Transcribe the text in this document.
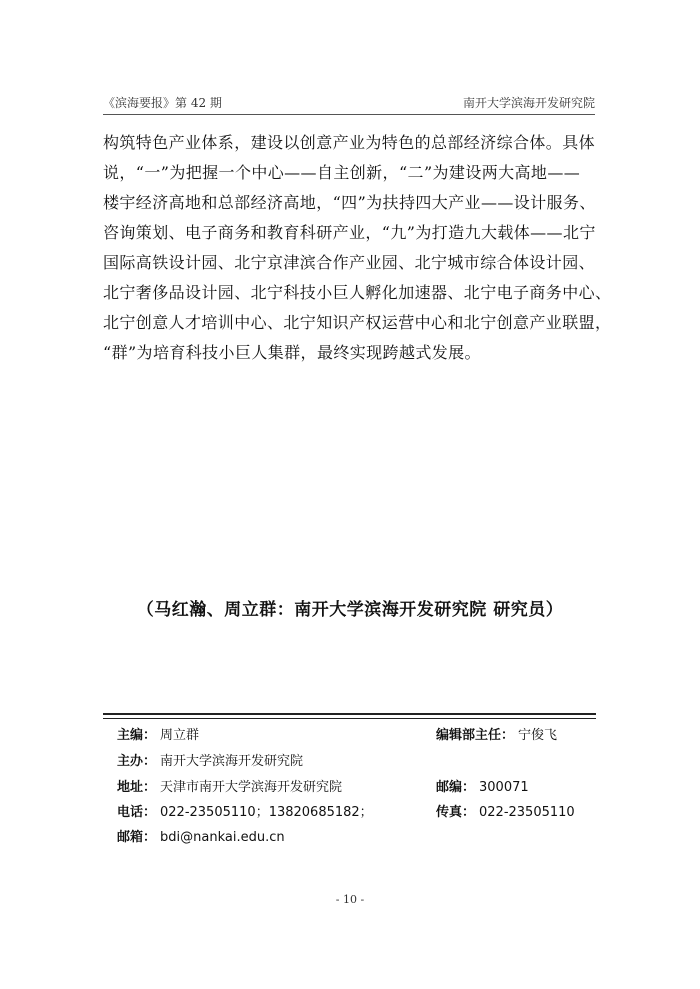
《滨海要报》第 42 期	南开大学滨海开发研究院

构筑特色产业体系，建设以创意产业为特色的总部经济综合体。具体

说，“一”为把握一个中心——自主创新，“二”为建设两大高地——

楼宇经济高地和总部经济高地，“四”为扶持四大产业——设计服务、

咨询策划、电子商务和教育科研产业，“九”为打造九大载体——北宁

国际高铁设计园、北宁京津滨合作产业园、北宁城市综合体设计园、

北宁奢侈品设计园、北宁科技小巨人孵化加速器、北宁电子商务中心、

北宁创意人才培训中心、北宁知识产权运营中心和北宁创意产业联盟，

“群”为培育科技小巨人集群，最终实现跨越式发展。

（马红瀚、周立群：南开大学滨海开发研究院 研究员）
主编： 周立群	编辑部主任： 宁俊飞
主办： 南开大学滨海开发研究院
地址： 天津市南开大学滨海开发研究院	邮编： 300071
电话： 022-23505110；13820685182；	传真： 022-23505110
邮箱： bdi@nankai.edu.cn
- 10 -
